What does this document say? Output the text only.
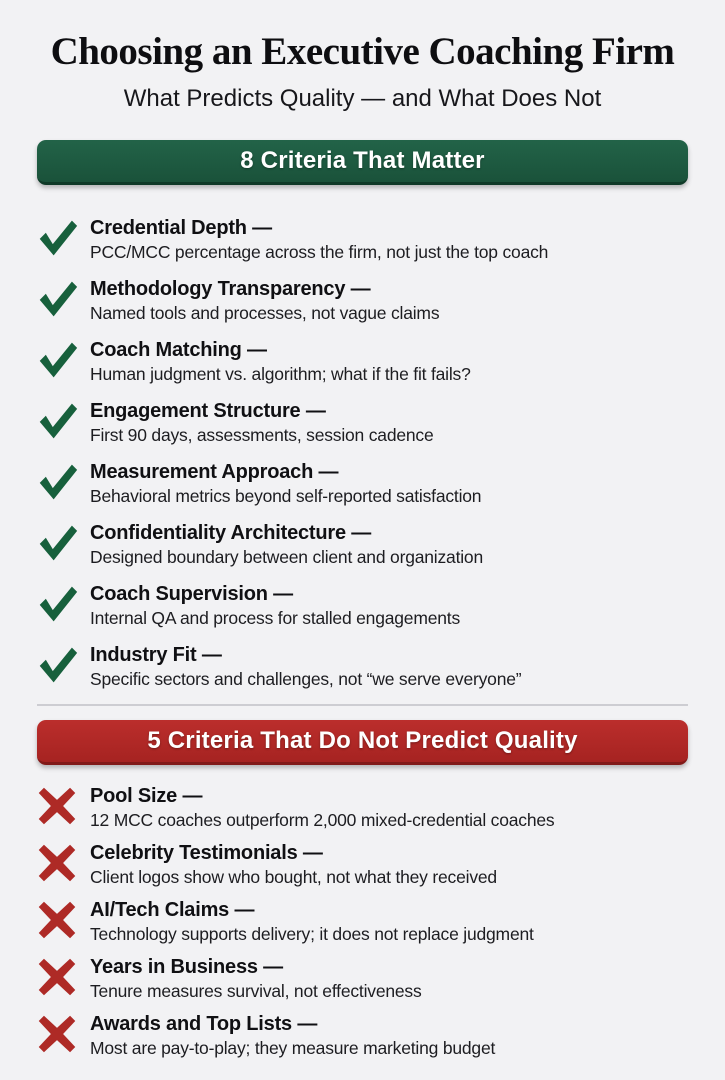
Choosing an Executive Coaching Firm
What Predicts Quality — and What Does Not
8 Criteria That Matter
Credential Depth —
PCC/MCC percentage across the firm, not just the top coach
Methodology Transparency —
Named tools and processes, not vague claims
Coach Matching —
Human judgment vs. algorithm; what if the fit fails?
Engagement Structure —
First 90 days, assessments, session cadence
Measurement Approach —
Behavioral metrics beyond self-reported satisfaction
Confidentiality Architecture —
Designed boundary between client and organization
Coach Supervision —
Internal QA and process for stalled engagements
Industry Fit —
Specific sectors and challenges, not “we serve everyone”
5 Criteria That Do Not Predict Quality
Pool Size —
12 MCC coaches outperform 2,000 mixed-credential coaches
Celebrity Testimonials —
Client logos show who bought, not what they received
AI/Tech Claims —
Technology supports delivery; it does not replace judgment
Years in Business —
Tenure measures survival, not effectiveness
Awards and Top Lists —
Most are pay-to-play; they measure marketing budget
